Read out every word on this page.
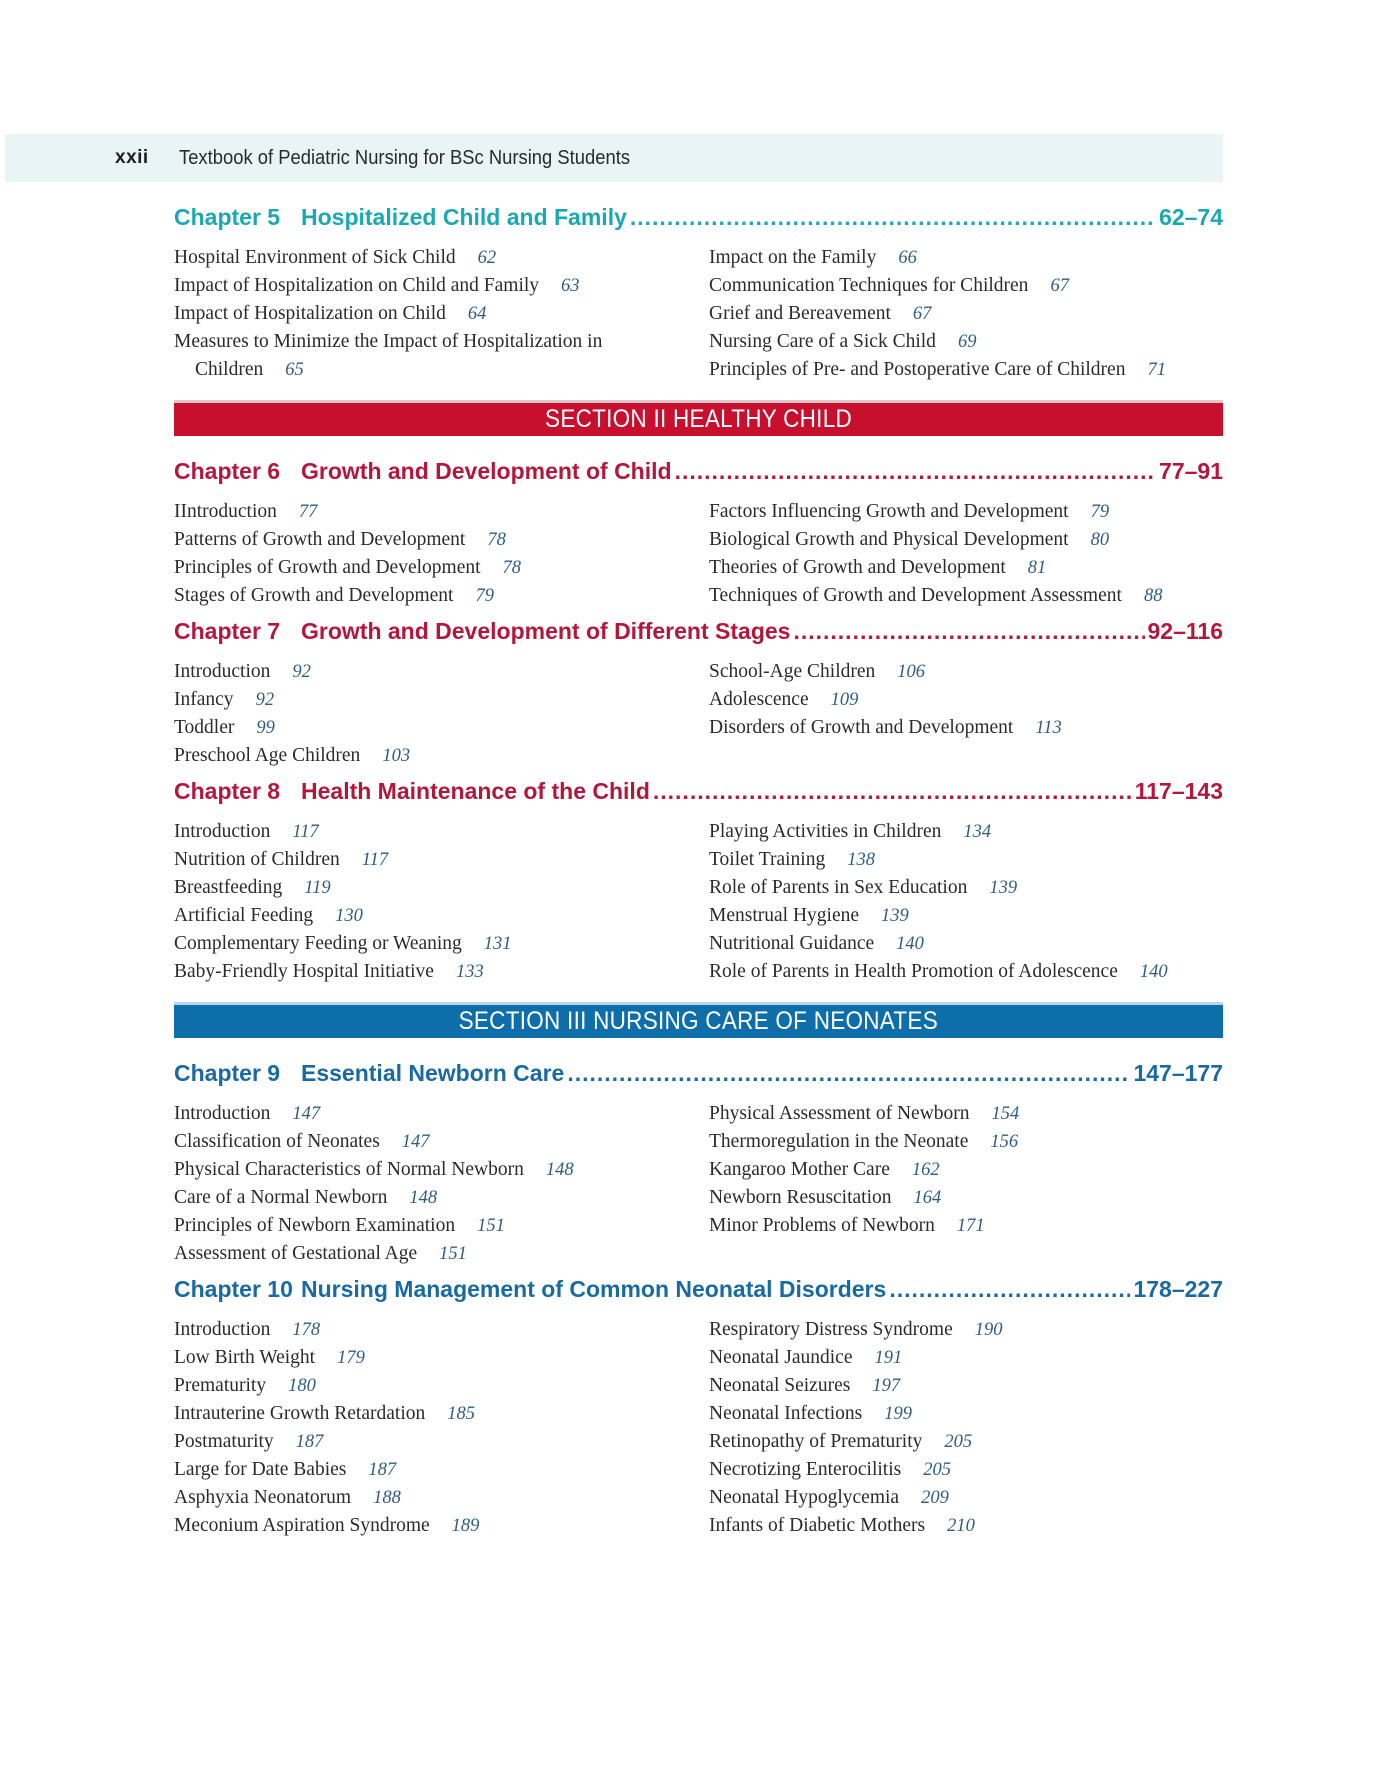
xxii	Textbook of Pediatric Nursing for BSc Nursing Students
Chapter 5 Hospitalized Child and Family .....	62–74
Hospital Environment of Sick Child 62
Impact of Hospitalization on Child and Family 63
Impact of Hospitalization on Child 64
Measures to Minimize the Impact of Hospitalization in Children 65
Impact on the Family 66
Communication Techniques for Children 67
Grief and Bereavement 67
Nursing Care of a Sick Child 69
Principles of Pre- and Postoperative Care of Children 71
SECTION II HEALTHY CHILD
Chapter 6 Growth and Development of Child .....	77–91
IIntroduction 77
Patterns of Growth and Development 78
Principles of Growth and Development 78
Stages of Growth and Development 79
Factors Influencing Growth and Development 79
Biological Growth and Physical Development 80
Theories of Growth and Development 81
Techniques of Growth and Development Assessment 88
Chapter 7 Growth and Development of Different Stages .....	92–116
Introduction 92
Infancy 92
Toddler 99
Preschool Age Children 103
School-Age Children 106
Adolescence 109
Disorders of Growth and Development 113
Chapter 8 Health Maintenance of the Child .....	117–143
Introduction 117
Nutrition of Children 117
Breastfeeding 119
Artificial Feeding 130
Complementary Feeding or Weaning 131
Baby-Friendly Hospital Initiative 133
Playing Activities in Children 134
Toilet Training 138
Role of Parents in Sex Education 139
Menstrual Hygiene 139
Nutritional Guidance 140
Role of Parents in Health Promotion of Adolescence 140
SECTION III NURSING CARE OF NEONATES
Chapter 9 Essential Newborn Care .....	147–177
Introduction 147
Classification of Neonates 147
Physical Characteristics of Normal Newborn 148
Care of a Normal Newborn 148
Principles of Newborn Examination 151
Assessment of Gestational Age 151
Physical Assessment of Newborn 154
Thermoregulation in the Neonate 156
Kangaroo Mother Care 162
Newborn Resuscitation 164
Minor Problems of Newborn 171
Chapter 10 Nursing Management of Common Neonatal Disorders .....	178–227
Introduction 178
Low Birth Weight 179
Prematurity 180
Intrauterine Growth Retardation 185
Postmaturity 187
Large for Date Babies 187
Asphyxia Neonatorum 188
Meconium Aspiration Syndrome 189
Respiratory Distress Syndrome 190
Neonatal Jaundice 191
Neonatal Seizures 197
Neonatal Infections 199
Retinopathy of Prematurity 205
Necrotizing Enterocilitis 205
Neonatal Hypoglycemia 209
Infants of Diabetic Mothers 210
